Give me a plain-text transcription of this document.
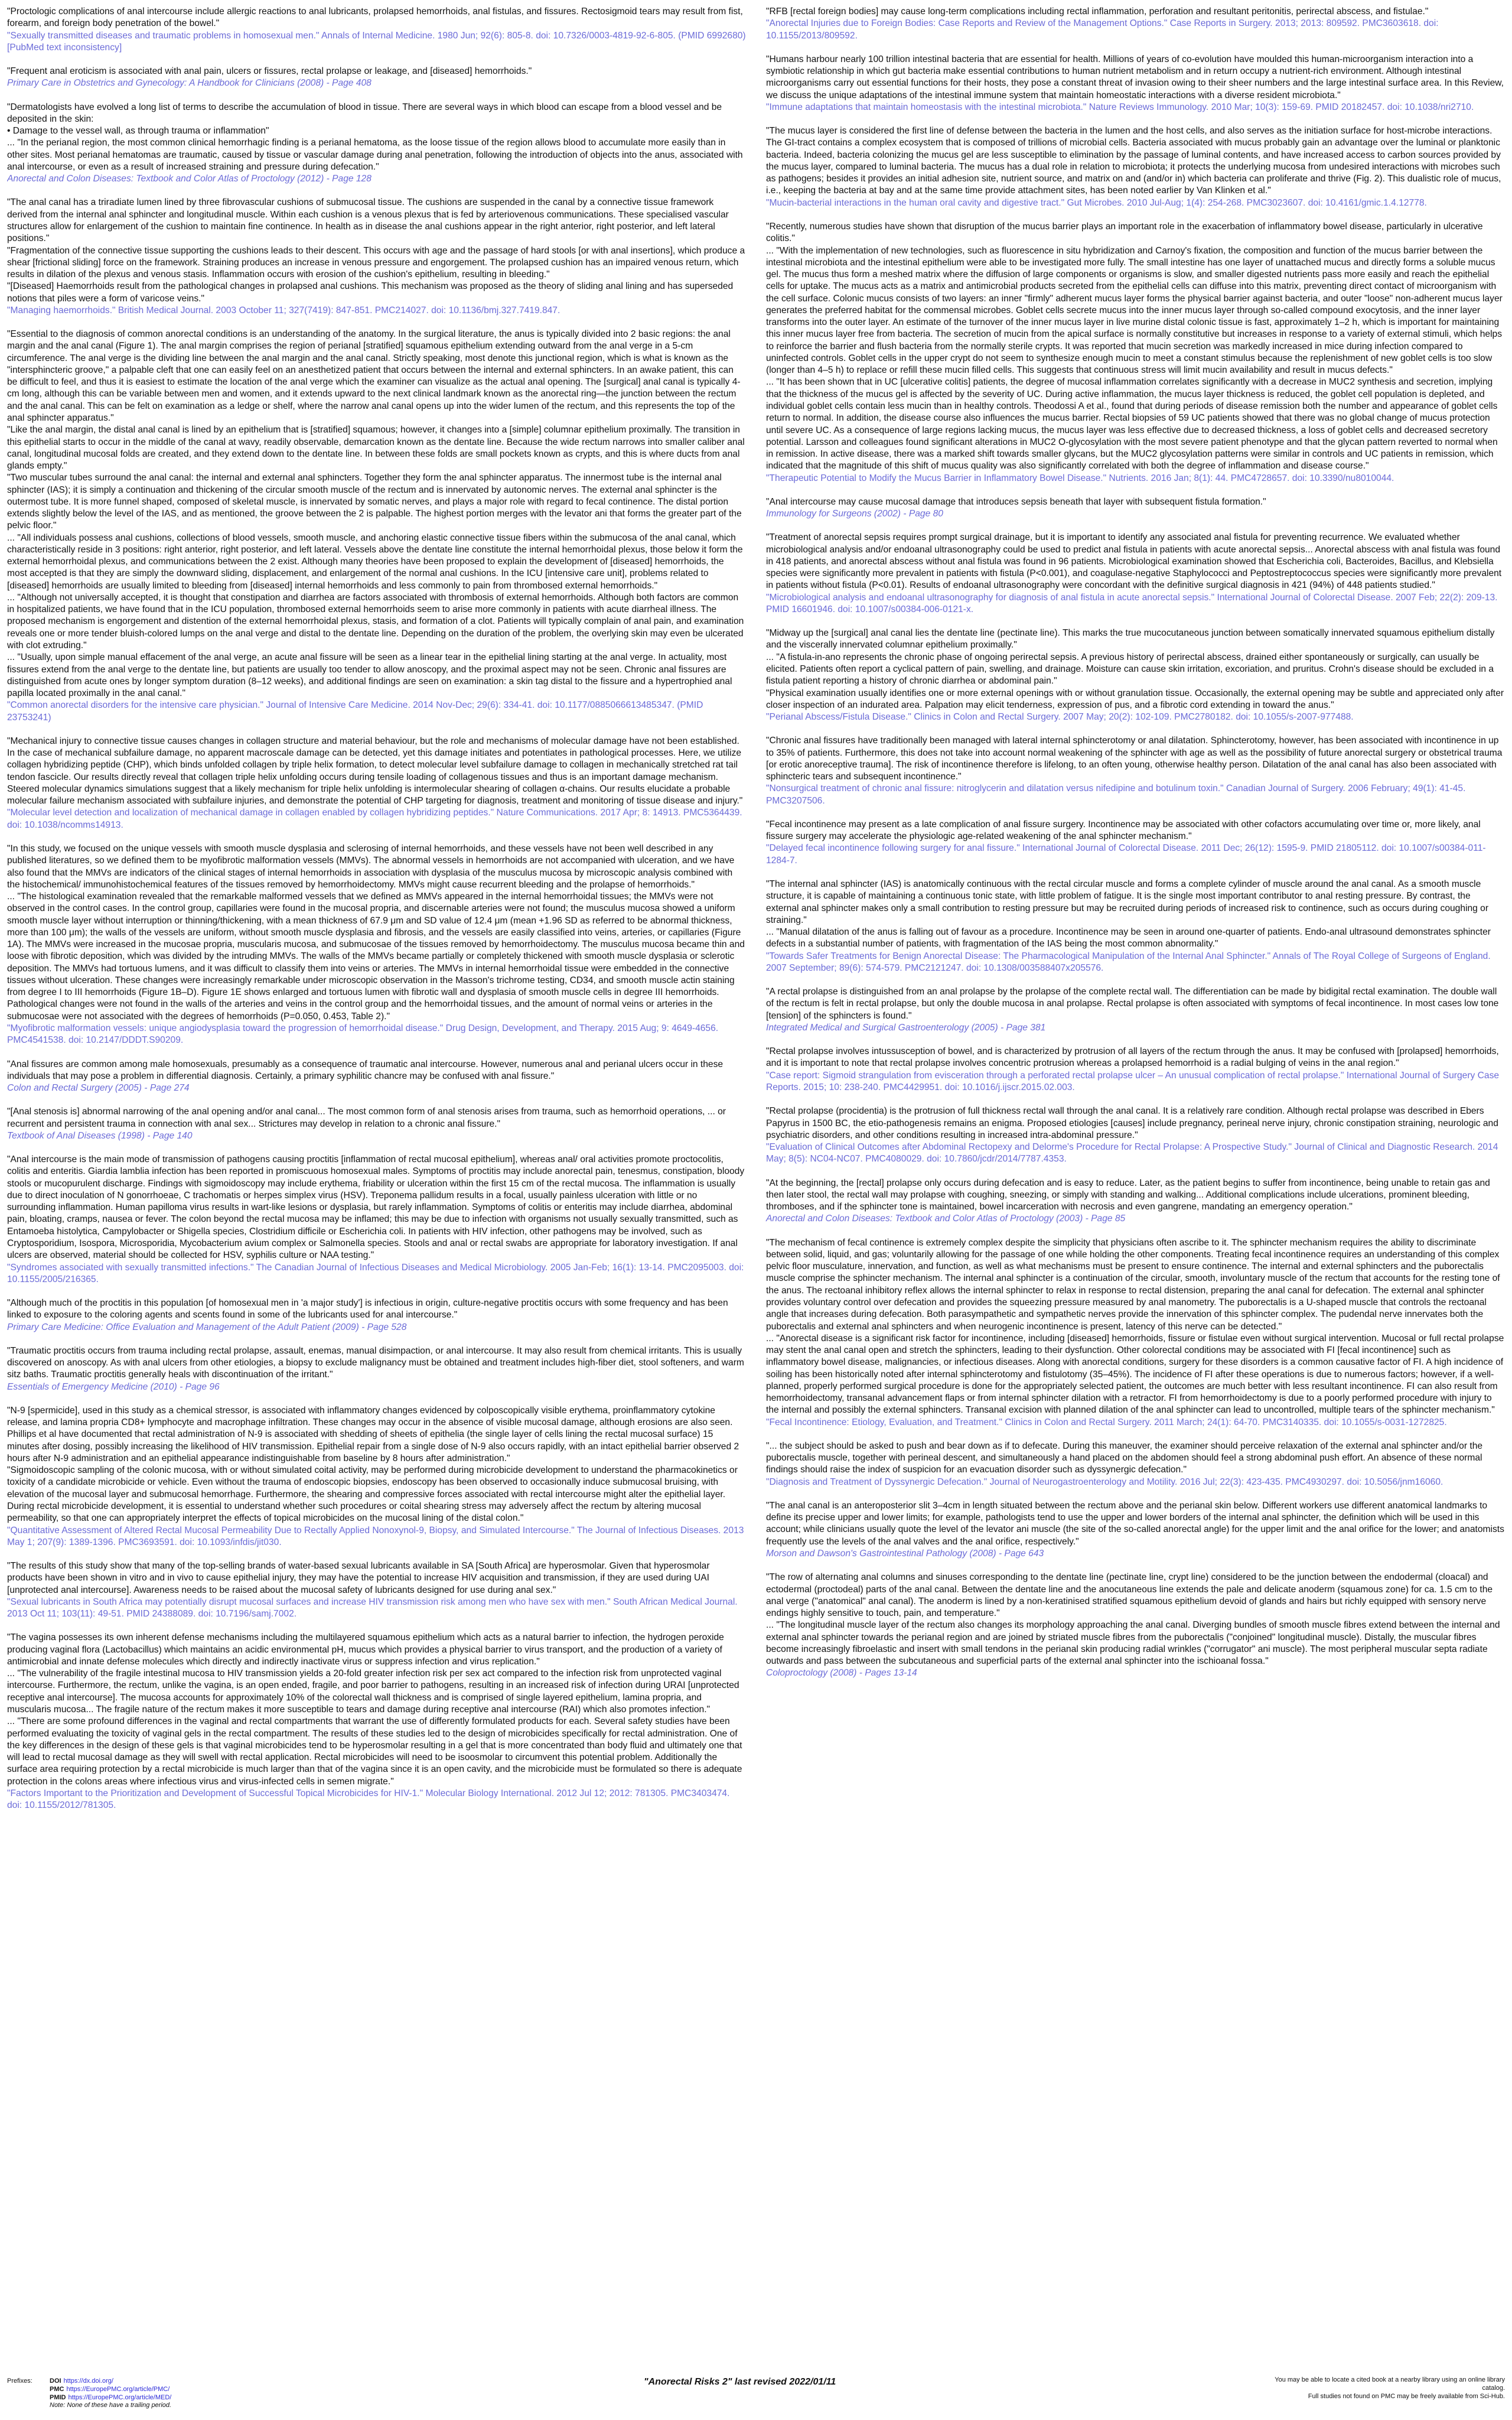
"Proctologic complications of anal intercourse include allergic reactions to anal lubricants, prolapsed hemorrhoids, anal fistulas, and fissures. Rectosigmoid tears may result from fist, forearm, and foreign body penetration of the bowel."

"Sexually transmitted diseases and traumatic problems in homosexual men." Annals of Internal Medicine. 1980 Jun; 92(6): 805-8. doi: 10.7326/0003-4819-92-6-805. (PMID 6992680) [PubMed text inconsistency]

"Frequent anal eroticism is associated with anal pain, ulcers or fissures, rectal prolapse or leakage, and [diseased] hemorrhoids."

Primary Care in Obstetrics and Gynecology: A Handbook for Clinicians (2008) - Page 408

"Dermatologists have evolved a long list of terms to describe the accumulation of blood in tissue. There are several ways in which blood can escape from a blood vessel and be deposited in the skin:

• Damage to the vessel wall, as through trauma or inflammation"

... "In the perianal region, the most common clinical hemorrhagic finding is a perianal hematoma, as the loose tissue of the region allows blood to accumulate more easily than in other sites. Most perianal hematomas are traumatic, caused by tissue or vascular damage during anal penetration, following the introduction of objects into the anus, associated with anal intercourse, or even as a result of increased straining and pressure during defecation."

Anorectal and Colon Diseases: Textbook and Color Atlas of Proctology (2012) - Page 128

"The anal canal has a triradiate lumen lined by three fibrovascular cushions of submucosal tissue. The cushions are suspended in the canal by a connective tissue framework derived from the internal anal sphincter and longitudinal muscle. Within each cushion is a venous plexus that is fed by arteriovenous communications. These specialised vascular structures allow for enlargement of the cushion to maintain fine continence. In health as in disease the anal cushions appear in the right anterior, right posterior, and left lateral positions."

"Fragmentation of the connective tissue supporting the cushions leads to their descent. This occurs with age and the passage of hard stools [or with anal insertions], which produce a shear [frictional sliding] force on the framework. Straining produces an increase in venous pressure and engorgement. The prolapsed cushion has an impaired venous return, which results in dilation of the plexus and venous stasis. Inflammation occurs with erosion of the cushion's epithelium, resulting in bleeding."

"[Diseased] Haemorrhoids result from the pathological changes in prolapsed anal cushions. This mechanism was proposed as the theory of sliding anal lining and has superseded notions that piles were a form of varicose veins."

"Managing haemorrhoids." British Medical Journal. 2003 October 11; 327(7419): 847-851. PMC214027. doi: 10.1136/bmj.327.7419.847.

"Essential to the diagnosis of common anorectal conditions is an understanding of the anatomy. In the surgical literature, the anus is typically divided into 2 basic regions: the anal margin and the anal canal (Figure 1). The anal margin comprises the region of perianal [stratified] squamous epithelium extending outward from the anal verge in a 5-cm circumference. The anal verge is the dividing line between the anal margin and the anal canal. Strictly speaking, most denote this junctional region, which is what is known as the "intersphincteric groove," a palpable cleft that one can easily feel on an anesthetized patient that occurs between the internal and external sphincters. In an awake patient, this can be difficult to feel, and thus it is easiest to estimate the location of the anal verge which the examiner can visualize as the actual anal opening. The [surgical] anal canal is typically 4-cm long, although this can be variable between men and women, and it extends upward to the next clinical landmark known as the anorectal ring—the junction between the rectum and the anal canal. This can be felt on examination as a ledge or shelf, where the narrow anal canal opens up into the wider lumen of the rectum, and this represents the top of the anal sphincter apparatus."

"Like the anal margin, the distal anal canal is lined by an epithelium that is [stratified] squamous; however, it changes into a [simple] columnar epithelium proximally. The transition in this epithelial starts to occur in the middle of the canal at wavy, readily observable, demarcation known as the dentate line. Because the wide rectum narrows into smaller caliber anal canal, longitudinal mucosal folds are created, and they extend down to the dentate line. In between these folds are small pockets known as crypts, and this is where ducts from anal glands empty."

"Two muscular tubes surround the anal canal: the internal and external anal sphincters. Together they form the anal sphincter apparatus. The innermost tube is the internal anal sphincter (IAS); it is simply a continuation and thickening of the circular smooth muscle of the rectum and is innervated by autonomic nerves. The external anal sphincter is the outermost tube. It is more funnel shaped, composed of skeletal muscle, is innervated by somatic nerves, and plays a major role with regard to fecal continence. The distal portion extends slightly below the level of the IAS, and as mentioned, the groove between the 2 is palpable. The highest portion merges with the levator ani that forms the greater part of the pelvic floor."

... "All individuals possess anal cushions, collections of blood vessels, smooth muscle, and anchoring elastic connective tissue fibers within the submucosa of the anal canal, which characteristically reside in 3 positions: right anterior, right posterior, and left lateral. Vessels above the dentate line constitute the internal hemorrhoidal plexus, those below it form the external hemorrhoidal plexus, and communications between the 2 exist. Although many theories have been proposed to explain the development of [diseased] hemorrhoids, the most accepted is that they are simply the downward sliding, displacement, and enlargement of the normal anal cushions. In the ICU [intensive care unit], problems related to [diseased] hemorrhoids are usually limited to bleeding from [diseased] internal hemorrhoids and less commonly to pain from thrombosed external hemorrhoids."

... "Although not universally accepted, it is thought that constipation and diarrhea are factors associated with thrombosis of external hemorrhoids. Although both factors are common in hospitalized patients, we have found that in the ICU population, thrombosed external hemorrhoids seem to arise more commonly in patients with acute diarrheal illness. The proposed mechanism is engorgement and distention of the external hemorrhoidal plexus, stasis, and formation of a clot. Patients will typically complain of anal pain, and examination reveals one or more tender bluish-colored lumps on the anal verge and distal to the dentate line. Depending on the duration of the problem, the overlying skin may even be ulcerated with clot extruding."

... "Usually, upon simple manual effacement of the anal verge, an acute anal fissure will be seen as a linear tear in the epithelial lining starting at the anal verge. In actuality, most fissures extend from the anal verge to the dentate line, but patients are usually too tender to allow anoscopy, and the proximal aspect may not be seen. Chronic anal fissures are distinguished from acute ones by longer symptom duration (8–12 weeks), and additional findings are seen on examination: a skin tag distal to the fissure and a hypertrophied anal papilla located proximally in the anal canal."

"Common anorectal disorders for the intensive care physician." Journal of Intensive Care Medicine. 2014 Nov-Dec; 29(6): 334-41. doi: 10.1177/0885066613485347. (PMID 23753241)

"Mechanical injury to connective tissue causes changes in collagen structure and material behaviour, but the role and mechanisms of molecular damage have not been established. In the case of mechanical subfailure damage, no apparent macroscale damage can be detected, yet this damage initiates and potentiates in pathological processes. Here, we utilize collagen hybridizing peptide (CHP), which binds unfolded collagen by triple helix formation, to detect molecular level subfailure damage to collagen in mechanically stretched rat tail tendon fascicle. Our results directly reveal that collagen triple helix unfolding occurs during tensile loading of collagenous tissues and thus is an important damage mechanism. Steered molecular dynamics simulations suggest that a likely mechanism for triple helix unfolding is intermolecular shearing of collagen α-chains. Our results elucidate a probable molecular failure mechanism associated with subfailure injuries, and demonstrate the potential of CHP targeting for diagnosis, treatment and monitoring of tissue disease and injury."

"Molecular level detection and localization of mechanical damage in collagen enabled by collagen hybridizing peptides." Nature Communications. 2017 Apr; 8: 14913. PMC5364439. doi: 10.1038/ncomms14913.

"In this study, we focused on the unique vessels with smooth muscle dysplasia and sclerosing of internal hemorrhoids, and these vessels have not been well described in any published literatures, so we defined them to be myofibrotic malformation vessels (MMVs). The abnormal vessels in hemorrhoids are not accompanied with ulceration, and we have also found that the MMVs are indicators of the clinical stages of internal hemorrhoids in association with dysplasia of the musculus mucosa by microscopic analysis combined with the histochemical/ immunohistochemical features of the tissues removed by hemorrhoidectomy. MMVs might cause recurrent bleeding and the prolapse of hemorrhoids."

... "The histological examination revealed that the remarkable malformed vessels that we defined as MMVs appeared in the internal hemorrhoidal tissues; the MMVs were not observed in the control cases. In the control group, capillaries were found in the mucosal propria, and discernable arteries were not found; the musculus mucosa showed a uniform smooth muscle layer without interruption or thinning/thickening, with a mean thickness of 67.9 μm and SD value of 12.4 μm (mean +1.96 SD as referred to be abnormal thickness, more than 100 μm); the walls of the vessels are uniform, without smooth muscle dysplasia and fibrosis, and the vessels are easily classified into veins, arteries, or capillaries (Figure 1A). The MMVs were increased in the mucosae propria, muscularis mucosa, and submucosae of the tissues removed by hemorrhoidectomy. The musculus mucosa became thin and loose with fibrotic deposition, which was divided by the intruding MMVs. The walls of the MMVs became partially or completely thickened with smooth muscle dysplasia or sclerotic deposition. The MMVs had tortuous lumens, and it was difficult to classify them into veins or arteries. The MMVs in internal hemorrhoidal tissue were embedded in the connective tissues without ulceration. These changes were increasingly remarkable under microscopic observation in the Masson's trichrome testing, CD34, and smooth muscle actin staining from degree I to III hemorrhoids (Figure 1B–D). Figure 1E shows enlarged and tortuous lumen with fibrotic wall and dysplasia of smooth muscle cells in degree III hemorrhoids. Pathological changes were not found in the walls of the arteries and veins in the control group and the hemorrhoidal tissues, and the amount of normal veins or arteries in the submucosae were not associated with the degrees of hemorrhoids (P=0.050, 0.453, Table 2)."

"Myofibrotic malformation vessels: unique angiodysplasia toward the progression of hemorrhoidal disease." Drug Design, Development, and Therapy. 2015 Aug; 9: 4649-4656. PMC4541538. doi: 10.2147/DDDT.S90209.

"Anal fissures are common among male homosexuals, presumably as a consequence of traumatic anal intercourse. However, numerous anal and perianal ulcers occur in these individuals that may pose a problem in differential diagnosis. Certainly, a primary syphilitic chancre may be confused with anal fissure."

Colon and Rectal Surgery (2005) - Page 274

"[Anal stenosis is] abnormal narrowing of the anal opening and/or anal canal... The most common form of anal stenosis arises from trauma, such as hemorrhoid operations, ... or recurrent and persistent trauma in connection with anal sex... Strictures may develop in relation to a chronic anal fissure."

Textbook of Anal Diseases (1998) - Page 140

"Anal intercourse is the main mode of transmission of pathogens causing proctitis [inflammation of rectal mucosal epithelium], whereas anal/ oral activities promote proctocolitis, colitis and enteritis. Giardia lamblia infection has been reported in promiscuous homosexual males. Symptoms of proctitis may include anorectal pain, tenesmus, constipation, bloody stools or mucopurulent discharge. Findings with sigmoidoscopy may include erythema, friability or ulceration within the first 15 cm of the rectal mucosa. The inflammation is usually due to direct inoculation of N gonorrhoeae, C trachomatis or herpes simplex virus (HSV). Treponema pallidum results in a focal, usually painless ulceration with little or no surrounding inflammation. Human papilloma virus results in wart-like lesions or dysplasia, but rarely inflammation. Symptoms of colitis or enteritis may include diarrhea, abdominal pain, bloating, cramps, nausea or fever. The colon beyond the rectal mucosa may be inflamed; this may be due to infection with organisms not usually sexually transmitted, such as Entamoeba histolytica, Campylobacter or Shigella species, Clostridium difficile or Escherichia coli. In patients with HIV infection, other pathogens may be involved, such as Cryptosporidium, Isospora, Microsporidia, Mycobacterium avium complex or Salmonella species. Stools and anal or rectal swabs are appropriate for laboratory investigation. If anal ulcers are observed, material should be collected for HSV, syphilis culture or NAA testing."

"Syndromes associated with sexually transmitted infections." The Canadian Journal of Infectious Diseases and Medical Microbiology. 2005 Jan-Feb; 16(1): 13-14. PMC2095003. doi: 10.1155/2005/216365.

"Although much of the proctitis in this population [of homosexual men in 'a major study'] is infectious in origin, culture-negative proctitis occurs with some frequency and has been linked to exposure to the coloring agents and scents found in some of the lubricants used for anal intercourse."

Primary Care Medicine: Office Evaluation and Management of the Adult Patient (2009) - Page 528

"Traumatic proctitis occurs from trauma including rectal prolapse, assault, enemas, manual disimpaction, or anal intercourse. It may also result from chemical irritants. This is usually discovered on anoscopy. As with anal ulcers from other etiologies, a biopsy to exclude malignancy must be obtained and treatment includes high-fiber diet, stool softeners, and warm sitz baths. Traumatic proctitis generally heals with discontinuation of the irritant."

Essentials of Emergency Medicine (2010) - Page 96

"N-9 [spermicide], used in this study as a chemical stressor, is associated with inflammatory changes evidenced by colposcopically visible erythema, proinflammatory cytokine release, and lamina propria CD8+ lymphocyte and macrophage infiltration. These changes may occur in the absence of visible mucosal damage, although erosions are also seen. Phillips et al have documented that rectal administration of N-9 is associated with shedding of sheets of epithelia (the single layer of cells lining the rectal mucosal surface) 15 minutes after dosing, possibly increasing the likelihood of HIV transmission. Epithelial repair from a single dose of N-9 also occurs rapidly, with an intact epithelial barrier observed 2 hours after N-9 administration and an epithelial appearance indistinguishable from baseline by 8 hours after administration."

"Sigmoidoscopic sampling of the colonic mucosa, with or without simulated coital activity, may be performed during microbicide development to understand the pharmacokinetics or toxicity of a candidate microbicide or vehicle. Even without the trauma of endoscopic biopsies, endoscopy has been observed to occasionally induce submucosal bruising, with elevation of the mucosal layer and submucosal hemorrhage. Furthermore, the shearing and compressive forces associated with rectal intercourse might alter the epithelial layer. During rectal microbicide development, it is essential to understand whether such procedures or coital shearing stress may adversely affect the rectum by altering mucosal permeability, so that one can appropriately interpret the effects of topical microbicides on the mucosal lining of the distal colon."

"Quantitative Assessment of Altered Rectal Mucosal Permeability Due to Rectally Applied Nonoxynol-9, Biopsy, and Simulated Intercourse." The Journal of Infectious Diseases. 2013 May 1; 207(9): 1389-1396. PMC3693591. doi: 10.1093/infdis/jit030.

"The results of this study show that many of the top-selling brands of water-based sexual lubricants available in SA [South Africa] are hyperosmolar. Given that hyperosmolar products have been shown in vitro and in vivo to cause epithelial injury, they may have the potential to increase HIV acquisition and transmission, if they are used during UAI [unprotected anal intercourse]. Awareness needs to be raised about the mucosal safety of lubricants designed for use during anal sex."

"Sexual lubricants in South Africa may potentially disrupt mucosal surfaces and increase HIV transmission risk among men who have sex with men." South African Medical Journal. 2013 Oct 11; 103(11): 49-51. PMID 24388089. doi: 10.7196/samj.7002.

"The vagina possesses its own inherent defense mechanisms including the multilayered squamous epithelium which acts as a natural barrier to infection, the hydrogen peroxide producing vaginal flora (Lactobacillus) which maintains an acidic environmental pH, mucus which provides a physical barrier to virus transport, and the production of a variety of antimicrobial and innate defense molecules which directly and indirectly inactivate virus or suppress infection and virus replication."

... "The vulnerability of the fragile intestinal mucosa to HIV transmission yields a 20-fold greater infection risk per sex act compared to the infection risk from unprotected vaginal intercourse. Furthermore, the rectum, unlike the vagina, is an open ended, fragile, and poor barrier to pathogens, resulting in an increased risk of infection during URAI [unprotected receptive anal intercourse]. The mucosa accounts for approximately 10% of the colorectal wall thickness and is comprised of single layered epithelium, lamina propria, and muscularis mucosa... The fragile nature of the rectum makes it more susceptible to tears and damage during receptive anal intercourse (RAI) which also promotes infection."

... "There are some profound differences in the vaginal and rectal compartments that warrant the use of differently formulated products for each. Several safety studies have been performed evaluating the toxicity of vaginal gels in the rectal compartment. The results of these studies led to the design of microbicides specifically for rectal administration. One of the key differences in the design of these gels is that vaginal microbicides tend to be hyperosmolar resulting in a gel that is more concentrated than body fluid and ultimately one that will lead to rectal mucosal damage as they will swell with rectal application. Rectal microbicides will need to be isoosmolar to circumvent this potential problem. Additionally the surface area requiring protection by a rectal microbicide is much larger than that of the vagina since it is an open cavity, and the microbicide must be formulated so there is adequate protection in the colons areas where infectious virus and virus-infected cells in semen migrate."

"Factors Important to the Prioritization and Development of Successful Topical Microbicides for HIV-1." Molecular Biology International. 2012 Jul 12; 2012: 781305. PMC3403474. doi: 10.1155/2012/781305.

"RFB [rectal foreign bodies] may cause long-term complications including rectal inflammation, perforation and resultant peritonitis, perirectal abscess, and fistulae."

"Anorectal Injuries due to Foreign Bodies: Case Reports and Review of the Management Options." Case Reports in Surgery. 2013; 2013: 809592. PMC3603618. doi: 10.1155/2013/809592.

"Humans harbour nearly 100 trillion intestinal bacteria that are essential for health. Millions of years of co-evolution have moulded this human-microorganism interaction into a symbiotic relationship in which gut bacteria make essential contributions to human nutrient metabolism and in return occupy a nutrient-rich environment. Although intestinal microorganisms carry out essential functions for their hosts, they pose a constant threat of invasion owing to their sheer numbers and the large intestinal surface area. In this Review, we discuss the unique adaptations of the intestinal immune system that maintain homeostatic interactions with a diverse resident microbiota."

"Immune adaptations that maintain homeostasis with the intestinal microbiota." Nature Reviews Immunology. 2010 Mar; 10(3): 159-69. PMID 20182457. doi: 10.1038/nri2710.

"The mucus layer is considered the first line of defense between the bacteria in the lumen and the host cells, and also serves as the initiation surface for host-microbe interactions. The GI-tract contains a complex ecosystem that is composed of trillions of microbial cells. Bacteria associated with mucus probably gain an advantage over the luminal or planktonic bacteria. Indeed, bacteria colonizing the mucus gel are less susceptible to elimination by the passage of luminal contents, and have increased access to carbon sources provided by the mucus layer, compared to luminal bacteria. The mucus has a dual role in relation to microbiota; it protects the underlying mucosa from undesired interactions with microbes such as pathogens; besides it provides an initial adhesion site, nutrient source, and matrix on and (and/or in) which bacteria can proliferate and thrive (Fig. 2). This dualistic role of mucus, i.e., keeping the bacteria at bay and at the same time provide attachment sites, has been noted earlier by Van Klinken et al."

"Mucin-bacterial interactions in the human oral cavity and digestive tract." Gut Microbes. 2010 Jul-Aug; 1(4): 254-268. PMC3023607. doi: 10.4161/gmic.1.4.12778.

"Recently, numerous studies have shown that disruption of the mucus barrier plays an important role in the exacerbation of inflammatory bowel disease, particularly in ulcerative colitis."

... "With the implementation of new technologies, such as fluorescence in situ hybridization and Carnoy's fixation, the composition and function of the mucus barrier between the intestinal microbiota and the intestinal epithelium were able to be investigated more fully. The small intestine has one layer of unattached mucus and directly forms a soluble mucus gel. The mucus thus form a meshed matrix where the diffusion of large components or organisms is slow, and smaller digested nutrients pass more easily and reach the epithelial cells for uptake. The mucus acts as a matrix and antimicrobial products secreted from the epithelial cells can diffuse into this matrix, preventing direct contact of microorganism with the cell surface. Colonic mucus consists of two layers: an inner "firmly" adherent mucus layer forms the physical barrier against bacteria, and outer "loose" non-adherent mucus layer generates the preferred habitat for the commensal microbes. Goblet cells secrete mucus into the inner mucus layer through so-called compound exocytosis, and the inner layer transforms into the outer layer. An estimate of the turnover of the inner mucus layer in live murine distal colonic tissue is fast, approximately 1–2 h, which is important for maintaining this inner mucus layer free from bacteria. The secretion of mucin from the apical surface is normally constitutive but increases in response to a variety of external stimuli, which helps to reinforce the barrier and flush bacteria from the normally sterile crypts. It was reported that mucin secretion was markedly increased in mice during infection compared to uninfected controls. Goblet cells in the upper crypt do not seem to synthesize enough mucin to meet a constant stimulus because the replenishment of new goblet cells is too slow (longer than 4–5 h) to replace or refill these mucin filled cells. This suggests that continuous stress will limit mucin availability and result in mucus defects."

... "It has been shown that in UC [ulcerative colitis] patients, the degree of mucosal inflammation correlates significantly with a decrease in MUC2 synthesis and secretion, implying that the thickness of the mucus gel is affected by the severity of UC. During active inflammation, the mucus layer thickness is reduced, the goblet cell population is depleted, and individual goblet cells contain less mucin than in healthy controls. Theodossi A et al., found that during periods of disease remission both the number and appearance of goblet cells return to normal. In addition, the disease course also influences the mucus barrier. Rectal biopsies of 59 UC patients showed that there was no global change of mucus protection until severe UC. As a consequence of large regions lacking mucus, the mucus layer was less effective due to decreased thickness, a loss of goblet cells and decreased secretory potential. Larsson and colleagues found significant alterations in MUC2 O-glycosylation with the most severe patient phenotype and that the glycan pattern reverted to normal when in remission. In active disease, there was a marked shift towards smaller glycans, but the MUC2 glycosylation patterns were similar in controls and UC patients in remission, which indicated that the magnitude of this shift of mucus quality was also significantly correlated with both the degree of inflammation and disease course."

"Therapeutic Potential to Modify the Mucus Barrier in Inflammatory Bowel Disease." Nutrients. 2016 Jan; 8(1): 44. PMC4728657. doi: 10.3390/nu8010044.

"Anal intercourse may cause mucosal damage that introduces sepsis beneath that layer with subsequent fistula formation."

Immunology for Surgeons (2002) - Page 80

"Treatment of anorectal sepsis requires prompt surgical drainage, but it is important to identify any associated anal fistula for preventing recurrence. We evaluated whether microbiological analysis and/or endoanal ultrasonography could be used to predict anal fistula in patients with acute anorectal sepsis... Anorectal abscess with anal fistula was found in 418 patients, and anorectal abscess without anal fistula was found in 96 patients. Microbiological examination showed that Escherichia coli, Bacteroides, Bacillus, and Klebsiella species were significantly more prevalent in patients with fistula (P<0.001), and coagulase-negative Staphylococci and Peptostreptococcus species were significantly more prevalent in patients without fistula (P<0.01). Results of endoanal ultrasonography were concordant with the definitive surgical diagnosis in 421 (94%) of 448 patients studied."

"Microbiological analysis and endoanal ultrasonography for diagnosis of anal fistula in acute anorectal sepsis." International Journal of Colorectal Disease. 2007 Feb; 22(2): 209-13. PMID 16601946. doi: 10.1007/s00384-006-0121-x.

"Midway up the [surgical] anal canal lies the dentate line (pectinate line). This marks the true mucocutaneous junction between somatically innervated squamous epithelium distally and the viscerally innervated columnar epithelium proximally."

... "A fistula-in-ano represents the chronic phase of ongoing perirectal sepsis. A previous history of perirectal abscess, drained either spontaneously or surgically, can usually be elicited. Patients often report a cyclical pattern of pain, swelling, and drainage. Moisture can cause skin irritation, excoriation, and pruritus. Crohn's disease should be excluded in a fistula patient reporting a history of chronic diarrhea or abdominal pain."

"Physical examination usually identifies one or more external openings with or without granulation tissue. Occasionally, the external opening may be subtle and appreciated only after closer inspection of an indurated area. Palpation may elicit tenderness, expression of pus, and a fibrotic cord extending in toward the anus."

"Perianal Abscess/Fistula Disease." Clinics in Colon and Rectal Surgery. 2007 May; 20(2): 102-109. PMC2780182. doi: 10.1055/s-2007-977488.

"Chronic anal fissures have traditionally been managed with lateral internal sphincterotomy or anal dilatation. Sphincterotomy, however, has been associated with incontinence in up to 35% of patients. Furthermore, this does not take into account normal weakening of the sphincter with age as well as the possibility of future anorectal surgery or obstetrical trauma [or erotic anoreceptive trauma]. The risk of incontinence therefore is lifelong, to an often young, otherwise healthy person. Dilatation of the anal canal has also been associated with sphincteric tears and subsequent incontinence."

"Nonsurgical treatment of chronic anal fissure: nitroglycerin and dilatation versus nifedipine and botulinum toxin." Canadian Journal of Surgery. 2006 February; 49(1): 41-45. PMC3207506.

"Fecal incontinence may present as a late complication of anal fissure surgery. Incontinence may be associated with other cofactors accumulating over time or, more likely, anal fissure surgery may accelerate the physiologic age-related weakening of the anal sphincter mechanism."

"Delayed fecal incontinence following surgery for anal fissure." International Journal of Colorectal Disease. 2011 Dec; 26(12): 1595-9. PMID 21805112. doi: 10.1007/s00384-011-1284-7.

"The internal anal sphincter (IAS) is anatomically continuous with the rectal circular muscle and forms a complete cylinder of muscle around the anal canal. As a smooth muscle structure, it is capable of maintaining a continuous tonic state, with little problem of fatigue. It is the single most important contributor to anal resting pressure. By contrast, the external anal sphincter makes only a small contribution to resting pressure but may be recruited during periods of increased risk to continence, such as occurs during coughing or straining."

... "Manual dilatation of the anus is falling out of favour as a procedure. Incontinence may be seen in around one-quarter of patients. Endo-anal ultrasound demonstrates sphincter defects in a substantial number of patients, with fragmentation of the IAS being the most common abnormality."

"Towards Safer Treatments for Benign Anorectal Disease: The Pharmacological Manipulation of the Internal Anal Sphincter." Annals of The Royal College of Surgeons of England. 2007 September; 89(6): 574-579. PMC2121247. doi: 10.1308/003588407x205576.

"A rectal prolapse is distinguished from an anal prolapse by the prolapse of the complete rectal wall. The differentiation can be made by bidigital rectal examination. The double wall of the rectum is felt in rectal prolapse, but only the double mucosa in anal prolapse. Rectal prolapse is often associated with symptoms of fecal incontinence. In most cases low tone [tension] of the sphincters is found."

Integrated Medical and Surgical Gastroenterology (2005) - Page 381

"Rectal prolapse involves intussusception of bowel, and is characterized by protrusion of all layers of the rectum through the anus. It may be confused with [prolapsed] hemorrhoids, and it is important to note that rectal prolapse involves concentric protrusion whereas a prolapsed hemorrhoid is a radial bulging of veins in the anal region."

"Case report: Sigmoid strangulation from evisceration through a perforated rectal prolapse ulcer – An unusual complication of rectal prolapse." International Journal of Surgery Case Reports. 2015; 10: 238-240. PMC4429951. doi: 10.1016/j.ijscr.2015.02.003.

"Rectal prolapse (procidentia) is the protrusion of full thickness rectal wall through the anal canal. It is a relatively rare condition. Although rectal prolapse was described in Ebers Papyrus in 1500 BC, the etio-pathogenesis remains an enigma. Proposed etiologies [causes] include pregnancy, perineal nerve injury, chronic constipation straining, neurologic and psychiatric disorders, and other conditions resulting in increased intra-abdominal pressure."

"Evaluation of Clinical Outcomes after Abdominal Rectopexy and Delorme's Procedure for Rectal Prolapse: A Prospective Study." Journal of Clinical and Diagnostic Research. 2014 May; 8(5): NC04-NC07. PMC4080029. doi: 10.7860/jcdr/2014/7787.4353.

"At the beginning, the [rectal] prolapse only occurs during defecation and is easy to reduce. Later, as the patient begins to suffer from incontinence, being unable to retain gas and then later stool, the rectal wall may prolapse with coughing, sneezing, or simply with standing and walking... Additional complications include ulcerations, prominent bleeding, thromboses, and if the sphincter tone is maintained, bowel incarceration with necrosis and even gangrene, mandating an emergency operation."

Anorectal and Colon Diseases: Textbook and Color Atlas of Proctology (2003) - Page 85

"The mechanism of fecal continence is extremely complex despite the simplicity that physicians often ascribe to it. The sphincter mechanism requires the ability to discriminate between solid, liquid, and gas; voluntarily allowing for the passage of one while holding the other components. Treating fecal incontinence requires an understanding of this complex pelvic floor musculature, innervation, and function, as well as what mechanisms must be present to ensure continence. The internal and external sphincters and the puborectalis muscle comprise the sphincter mechanism. The internal anal sphincter is a continuation of the circular, smooth, involuntary muscle of the rectum that accounts for the resting tone of the anus. The rectoanal inhibitory reflex allows the internal sphincter to relax in response to rectal distension, preparing the anal canal for defecation. The external anal sphincter provides voluntary control over defecation and provides the squeezing pressure measured by anal manometry. The puborectalis is a U-shaped muscle that controls the rectoanal angle that increases during defecation. Both parasympathetic and sympathetic nerves provide the innervation of this sphincter complex. The pudendal nerve innervates both the puborectalis and external anal sphincters and when neurogenic incontinence is present, latency of this nerve can be detected."

... "Anorectal disease is a significant risk factor for incontinence, including [diseased] hemorrhoids, fissure or fistulae even without surgical intervention. Mucosal or full rectal prolapse may stent the anal canal open and stretch the sphincters, leading to their dysfunction. Other colorectal conditions may be associated with FI [fecal incontinence] such as inflammatory bowel disease, malignancies, or infectious diseases. Along with anorectal conditions, surgery for these disorders is a common causative factor of FI. A high incidence of soiling has been historically noted after internal sphincterotomy and fistulotomy (35–45%). The incidence of FI after these operations is due to numerous factors; however, if a well-planned, properly performed surgical procedure is done for the appropriately selected patient, the outcomes are much better with less resultant incontinence. FI can also result from hemorrhoidectomy, transanal advancement flaps or from internal sphincter dilation with a retractor. FI from hemorrhoidectomy is due to a poorly performed procedure with injury to the internal and possibly the external sphincters. Transanal excision with planned dilation of the anal sphincter can lead to uncontrolled, multiple tears of the sphincter mechanism."

"Fecal Incontinence: Etiology, Evaluation, and Treatment." Clinics in Colon and Rectal Surgery. 2011 March; 24(1): 64-70. PMC3140335. doi: 10.1055/s-0031-1272825.

"... the subject should be asked to push and bear down as if to defecate. During this maneuver, the examiner should perceive relaxation of the external anal sphincter and/or the puborectalis muscle, together with perineal descent, and simultaneously a hand placed on the abdomen should feel a strong abdominal push effort. An absence of these normal findings should raise the index of suspicion for an evacuation disorder such as dyssynergic defecation."

"Diagnosis and Treatment of Dyssynergic Defecation." Journal of Neurogastroenterology and Motility. 2016 Jul; 22(3): 423-435. PMC4930297. doi: 10.5056/jnm16060.

"The anal canal is an anteroposterior slit 3–4cm in length situated between the rectum above and the perianal skin below. Different workers use different anatomical landmarks to define its precise upper and lower limits; for example, pathologists tend to use the upper and lower borders of the internal anal sphincter, the definition which will be used in this account; while clinicians usually quote the level of the levator ani muscle (the site of the so-called anorectal angle) for the upper limit and the anal orifice for the lower; and anatomists frequently use the levels of the anal valves and the anal orifice, respectively."

Morson and Dawson's Gastrointestinal Pathology (2008) - Page 643

"The row of alternating anal columns and sinuses corresponding to the dentate line (pectinate line, crypt line) considered to be the junction between the endodermal (cloacal) and ectodermal (proctodeal) parts of the anal canal. Between the dentate line and the anocutaneous line extends the pale and delicate anoderm (squamous zone) for ca. 1.5 cm to the anal verge ("anatomical" anal canal). The anoderm is lined by a non-keratinised stratified squamous epithelium devoid of glands and hairs but richly equipped with sensory nerve endings highly sensitive to touch, pain, and temperature."

... "The longitudinal muscle layer of the rectum also changes its morphology approaching the anal canal. Diverging bundles of smooth muscle fibres extend between the internal and external anal sphincter towards the perianal region and are joined by striated muscle fibres from the puborectalis ("conjoined" longitudinal muscle). Distally, the muscular fibres become increasingly fibroelastic and insert with small tendons in the perianal skin producing radial wrinkles ("corrugator" ani muscle). The most peripheral muscular septa radiate outwards and pass between the subcutaneous and superficial parts of the external anal sphincter into the ischioanal fossa."

Coloproctology (2008) - Pages 13-14

Prefixes:	DOI https://dx.doi.org/
PMC https://EuropePMC.org/article/PMC/
PMID https://EuropePMC.org/article/MED/
Note: None of these have a trailing period.
"Anorectal Risks 2" last revised 2022/01/11	You may be able to locate a cited book at a nearby library using an online library catalog.
Full studies not found on PMC may be freely available from Sci-Hub.
